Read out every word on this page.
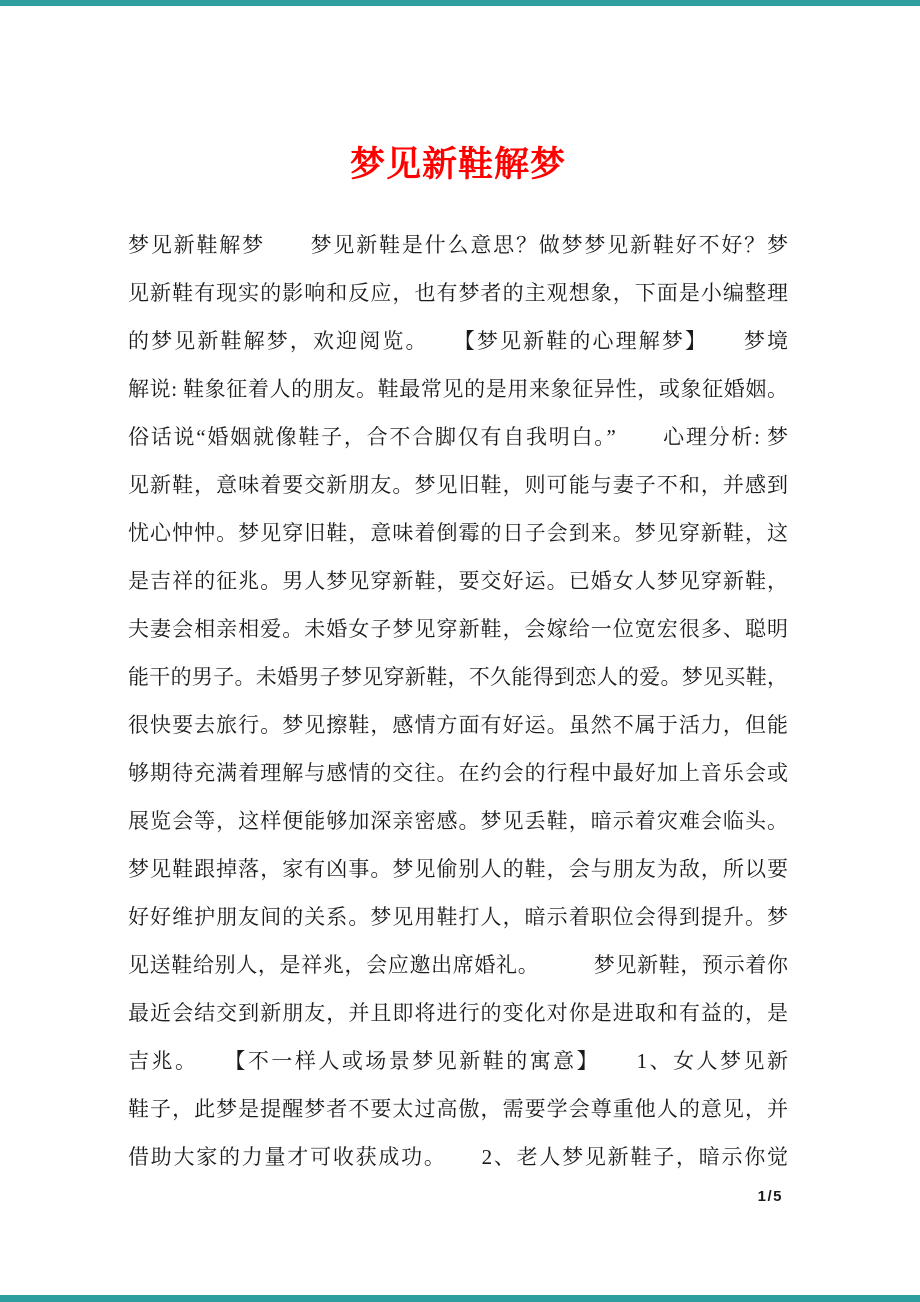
梦见新鞋解梦
梦见新鞋解梦　　梦见新鞋是什么意思？做梦梦见新鞋好不好？梦
见新鞋有现实的影响和反应，也有梦者的主观想象，下面是小编整理
的梦见新鞋解梦，欢迎阅览。　　【梦见新鞋的心理解梦】　　梦境
解说: 鞋象征着人的朋友。鞋最常见的是用来象征异性，或象征婚姻。
俗话说“婚姻就像鞋子，合不合脚仅有自我明白。”　　心理分析: 梦
见新鞋，意味着要交新朋友。梦见旧鞋，则可能与妻子不和，并感到
忧心忡忡。梦见穿旧鞋，意味着倒霉的日子会到来。梦见穿新鞋，这
是吉祥的征兆。男人梦见穿新鞋，要交好运。已婚女人梦见穿新鞋，
夫妻会相亲相爱。未婚女子梦见穿新鞋，会嫁给一位宽宏很多、聪明
能干的男子。未婚男子梦见穿新鞋，不久能得到恋人的爱。梦见买鞋，
很快要去旅行。梦见擦鞋，感情方面有好运。虽然不属于活力，但能
够期待充满着理解与感情的交往。在约会的行程中最好加上音乐会或
展览会等，这样便能够加深亲密感。梦见丢鞋，暗示着灾难会临头。
梦见鞋跟掉落，家有凶事。梦见偷别人的鞋，会与朋友为敌，所以要
好好维护朋友间的关系。梦见用鞋打人，暗示着职位会得到提升。梦
见送鞋给别人，是祥兆，会应邀出席婚礼。　　　梦见新鞋，预示着你
最近会结交到新朋友，并且即将进行的变化对你是进取和有益的，是
吉兆。　　【不一样人或场景梦见新鞋的寓意】　　1、女人梦见新
鞋子，此梦是提醒梦者不要太过高傲，需要学会尊重他人的意见，并
借助大家的力量才可收获成功。　　2、老人梦见新鞋子，暗示你觉
1/5
